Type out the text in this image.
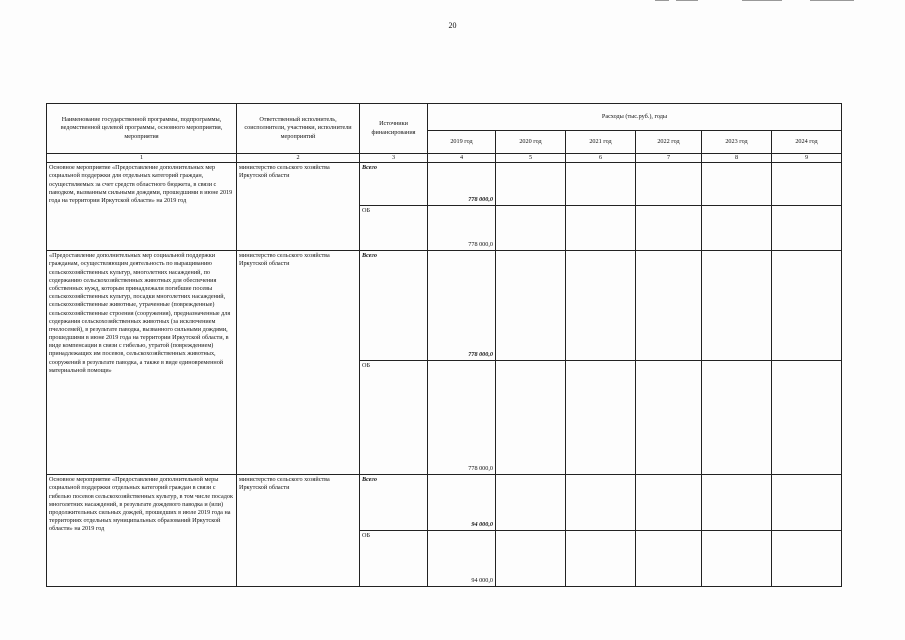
20
Наименование государственной программы, подпрограммы, ведомственной целевой программы, основного мероприятия, мероприятия	Ответственный исполнитель, соисполнители, участники, исполнители мероприятий	Источники финансирования	Расходы (тыс.руб.), годы					
			2019 год	2020 год	2021 год	2022 год	2023 год	2024 год
1	2	3	4	5	6	7	8	9
Основное мероприятие «Предоставление дополнительных мер социальной поддержки для отдельных категорий граждан, осуществляемых за счет средств областного бюджета, в связи с паводком, вызванным сильными дождями, прошедшими в июне 2019 года на территории Иркутской области» на 2019 год	министерство сельского хозяйства Иркутской области	Всего	778 000,0					
		ОБ	778 000,0					
«Предоставление дополнительных мер социальной поддержки гражданам, осуществляющим деятельность по выращиванию сельскохозяйственных культур, многолетних насаждений, по содержанию сельскохозяйственных животных для обеспечения собственных нужд, которым принадлежали погибшие посевы сельскохозяйственных культур, посадки многолетних насаждений, сельскохозяйственные животные, утраченные (поврежденные) сельскохозяйственные строения (сооружения), предназначенные для содержания сельскохозяйственных животных (за исключением пчелосемей), в результате паводка, вызванного сильными дождями, прошедшими в июне 2019 года на территории Иркутской области, в виде компенсации в связи с гибелью, утратой (повреждением) принадлежащих им посевов, сельскохозяйственных животных, сооружений в результате паводка, а также в виде единовременной материальной помощи»	министерство сельского хозяйства Иркутской области	Всего	778 000,0					
		ОБ	778 000,0					
Основное мероприятие «Предоставление дополнительной меры социальной поддержки отдельных категорий граждан в связи с гибелью посевов сельскохозяйственных культур, в том числе посадок многолетних насаждений, в результате дождевого паводка и (или) продолжительных сильных дождей, прошедших в июле 2019 года на территориях отдельных муниципальных образований Иркутской области» на 2019 год	министерство сельского хозяйства Иркутской области	Всего	94 000,0					
		ОБ	94 000,0					
